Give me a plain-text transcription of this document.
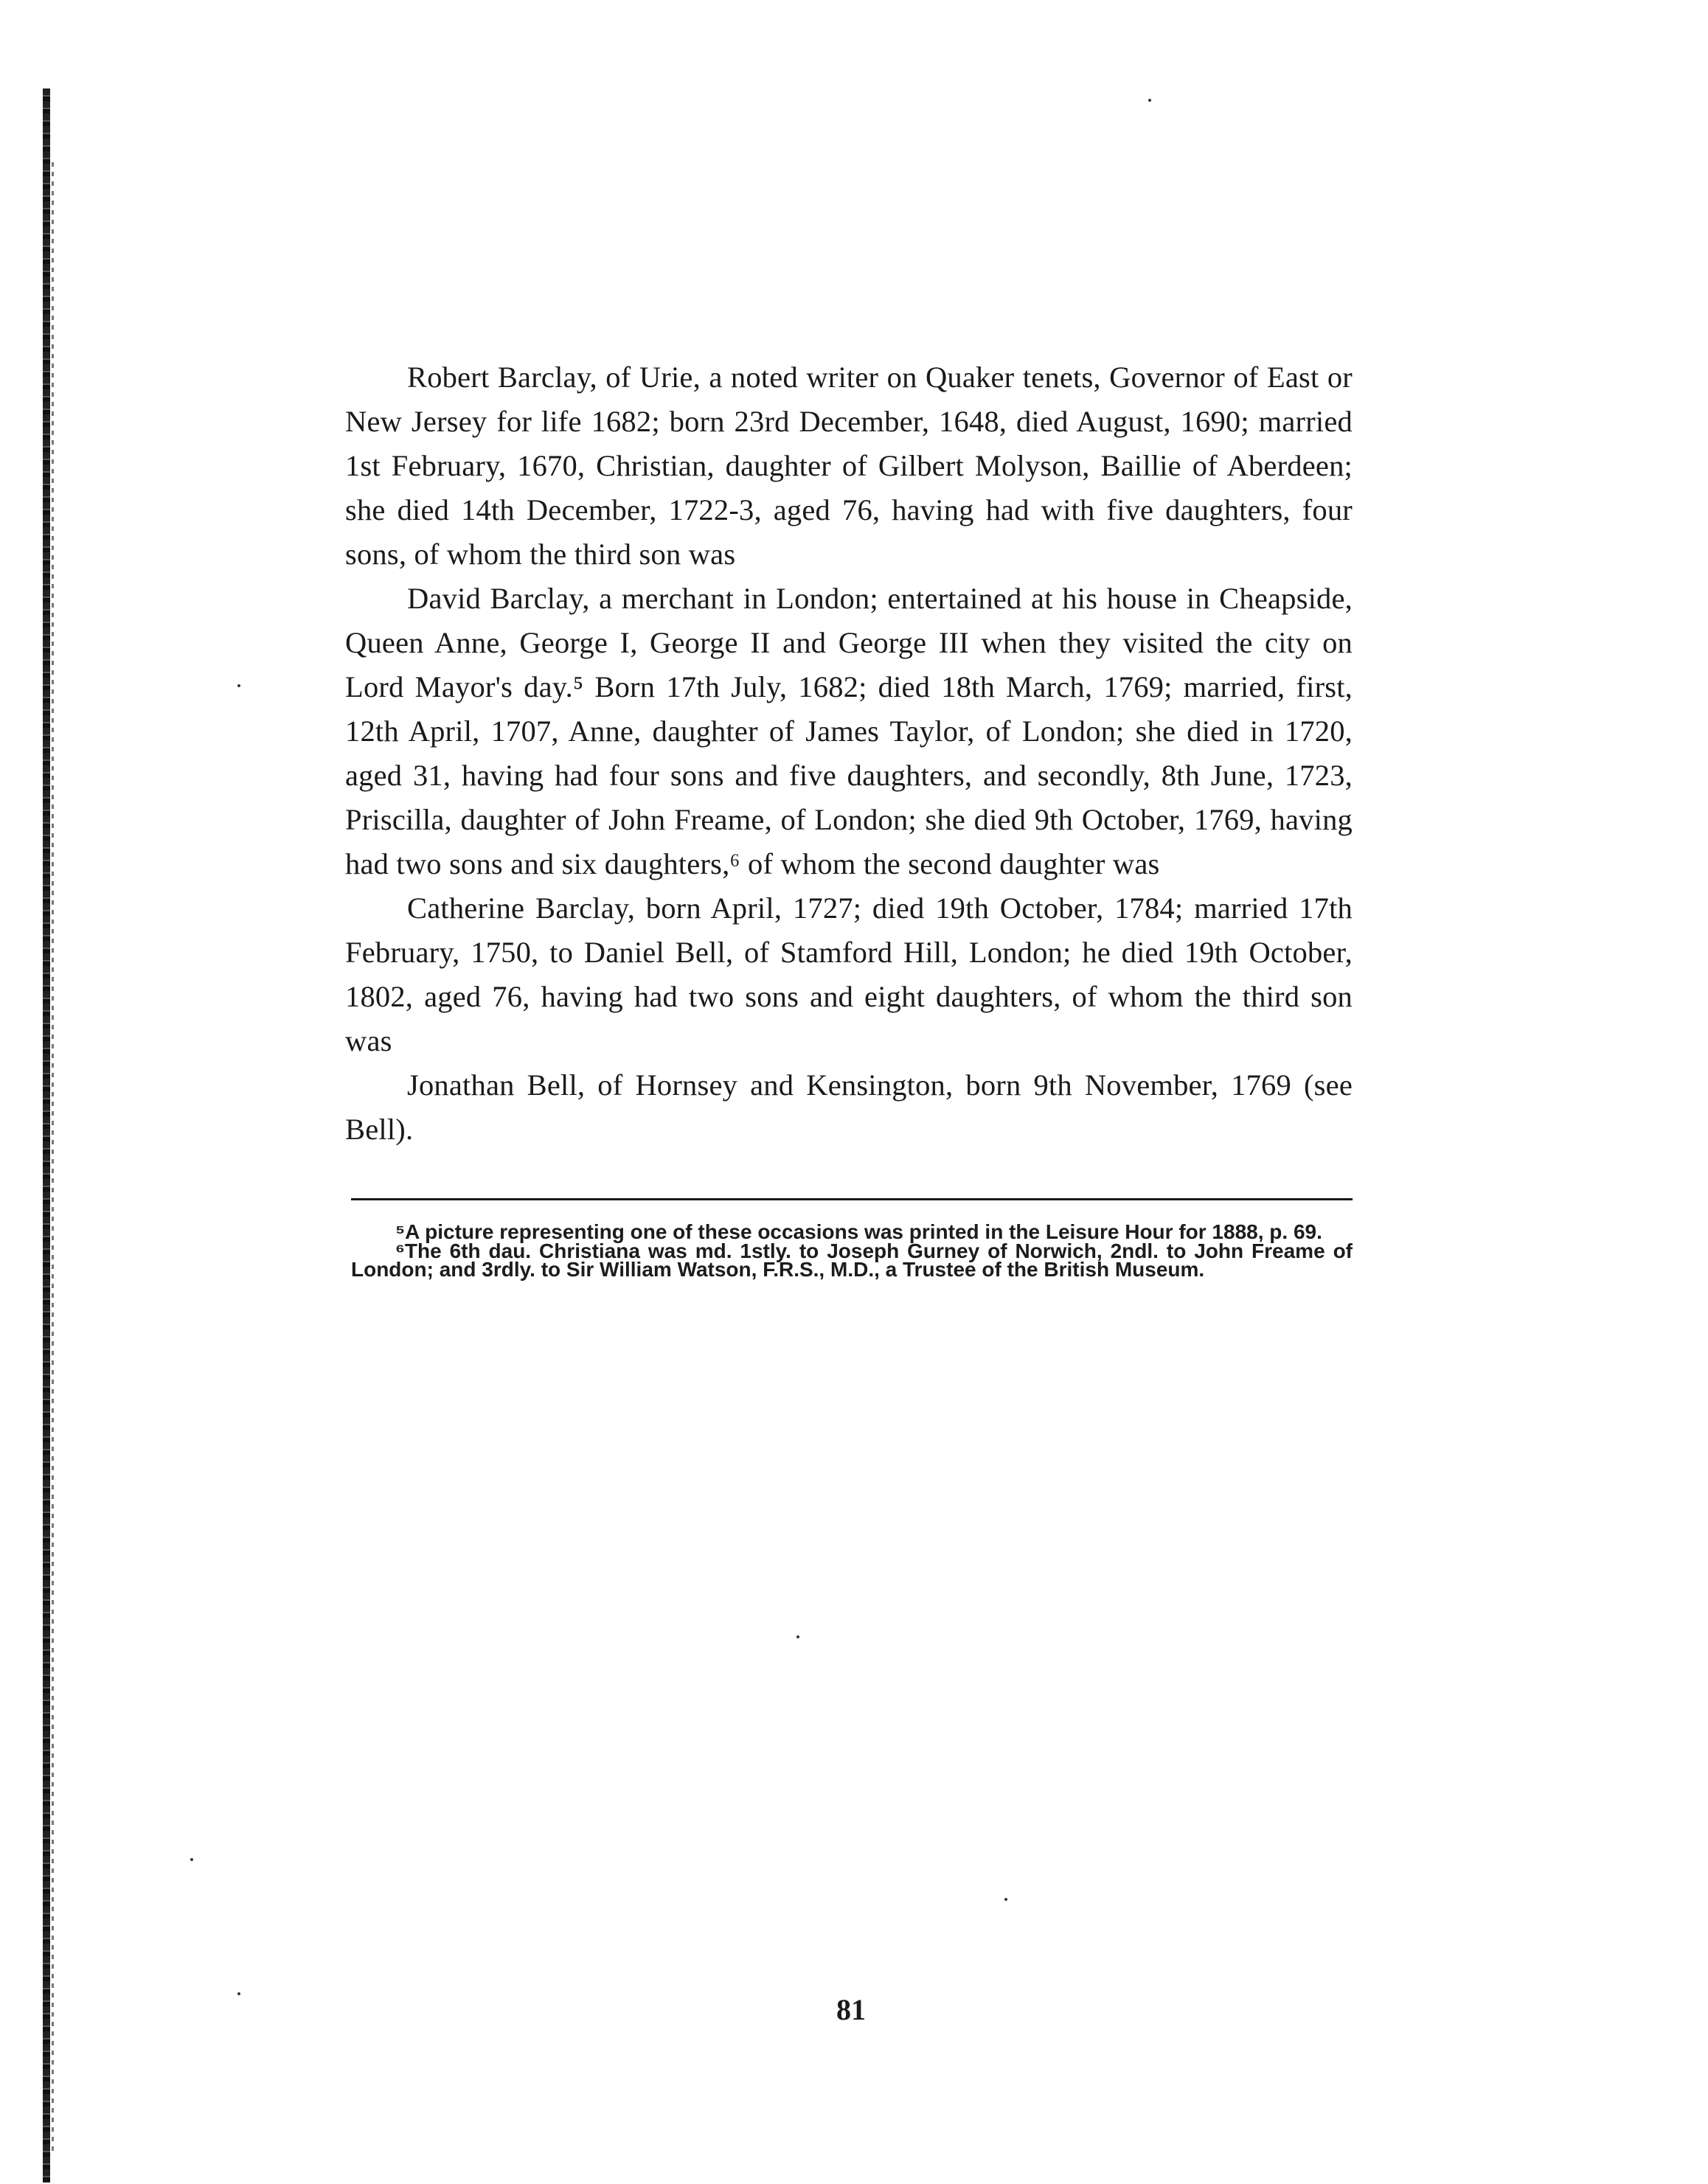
Robert Barclay, of Urie, a noted writer on Quaker tenets, Governor of East or New Jersey for life 1682; born 23rd December, 1648, died August, 1690; married 1st February, 1670, Christian, daughter of Gilbert Molyson, Baillie of Aberdeen; she died 14th December, 1722-3, aged 76, having had with five daughters, four sons, of whom the third son was

David Barclay, a merchant in London; entertained at his house in Cheapside, Queen Anne, George I, George II and George III when they visited the city on Lord Mayor's day.⁵ Born 17th July, 1682; died 18th March, 1769; married, first, 12th April, 1707, Anne, daughter of James Taylor, of London; she died in 1720, aged 31, having had four sons and five daughters, and secondly, 8th June, 1723, Priscilla, daughter of John Freame, of London; she died 9th October, 1769, having had two sons and six daughters,⁶ of whom the second daughter was

Catherine Barclay, born April, 1727; died 19th October, 1784; married 17th February, 1750, to Daniel Bell, of Stamford Hill, London; he died 19th October, 1802, aged 76, having had two sons and eight daughters, of whom the third son was

Jonathan Bell, of Hornsey and Kensington, born 9th November, 1769 (see Bell).

⁵A picture representing one of these occasions was printed in the Leisure Hour for 1888, p. 69.

⁶The 6th dau. Christiana was md. 1stly. to Joseph Gurney of Norwich, 2ndl. to John Freame of London; and 3rdly. to Sir William Watson, F.R.S., M.D., a Trustee of the British Museum.

81
